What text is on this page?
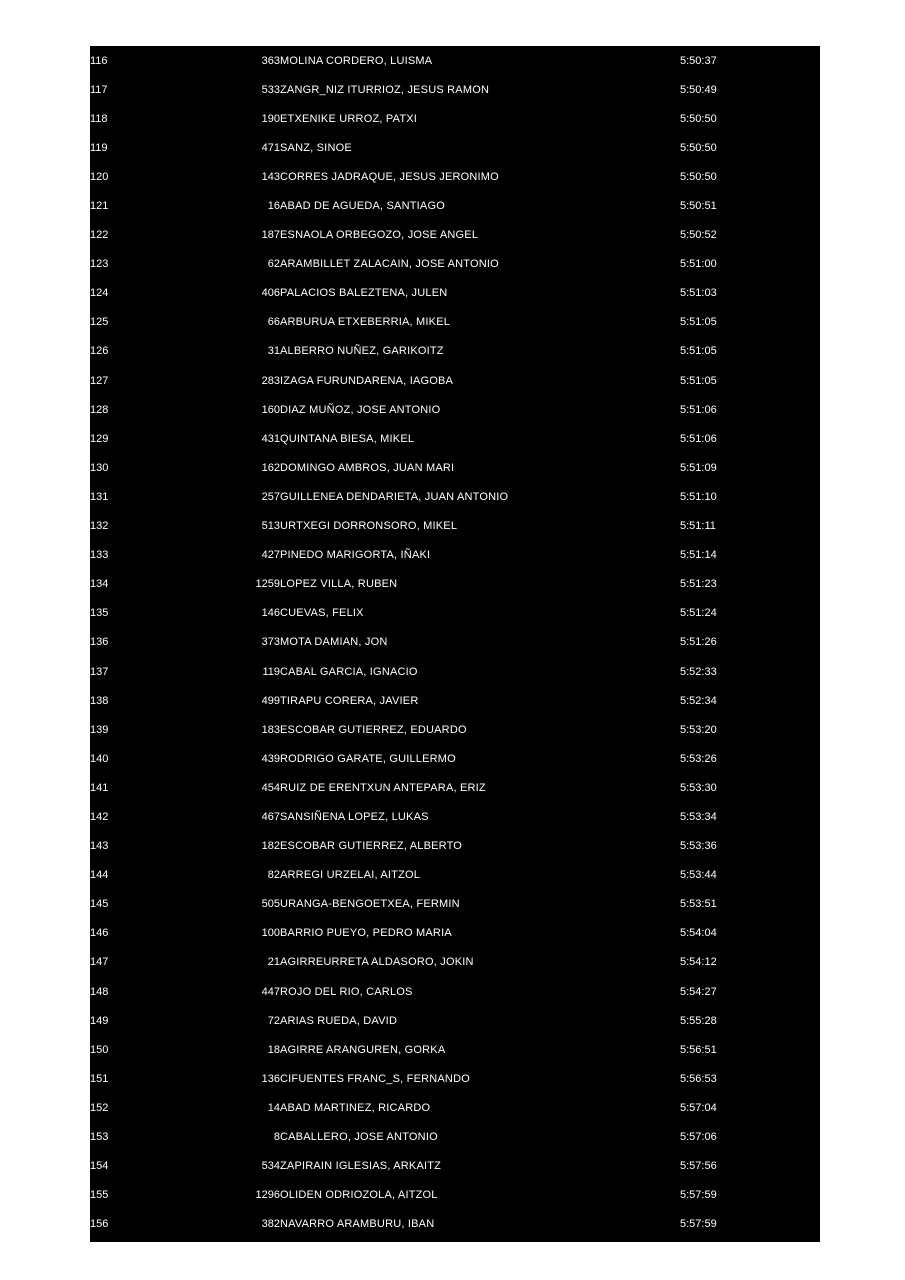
116	363	MOLINA CORDERO, LUISMA	5:50:37
117	533	ZANGR_NIZ ITURRIOZ, JESUS RAMON	5:50:49
118	190	ETXENIKE URROZ, PATXI	5:50:50
119	471	SANZ, SINOE	5:50:50
120	143	CORRES JADRAQUE, JESUS JERONIMO	5:50:50
121	16	ABAD DE AGUEDA, SANTIAGO	5:50:51
122	187	ESNAOLA ORBEGOZO, JOSE ANGEL	5:50:52
123	62	ARAMBILLET ZALACAIN, JOSE ANTONIO	5:51:00
124	406	PALACIOS BALEZTENA, JULEN	5:51:03
125	66	ARBURUA ETXEBERRIA, MIKEL	5:51:05
126	31	ALBERRO NUÑEZ, GARIKOITZ	5:51:05
127	283	IZAGA FURUNDARENA, IAGOBA	5:51:05
128	160	DIAZ MUÑOZ, JOSE ANTONIO	5:51:06
129	431	QUINTANA BIESA, MIKEL	5:51:06
130	162	DOMINGO AMBROS, JUAN MARI	5:51:09
131	257	GUILLENEA DENDARIETA, JUAN ANTONIO	5:51:10
132	513	URTXEGI DORRONSORO, MIKEL	5:51:11
133	427	PINEDO MARIGORTA, IÑAKI	5:51:14
134	1259	LOPEZ VILLA, RUBEN	5:51:23
135	146	CUEVAS, FELIX	5:51:24
136	373	MOTA DAMIAN, JON	5:51:26
137	119	CABAL GARCIA, IGNACIO	5:52:33
138	499	TIRAPU CORERA, JAVIER	5:52:34
139	183	ESCOBAR GUTIERREZ, EDUARDO	5:53:20
140	439	RODRIGO GARATE, GUILLERMO	5:53:26
141	454	RUIZ DE ERENTXUN ANTEPARA, ERIZ	5:53:30
142	467	SANSIÑENA LOPEZ, LUKAS	5:53:34
143	182	ESCOBAR GUTIERREZ, ALBERTO	5:53:36
144	82	ARREGI URZELAI, AITZOL	5:53:44
145	505	URANGA-BENGOETXEA, FERMIN	5:53:51
146	100	BARRIO PUEYO, PEDRO MARIA	5:54:04
147	21	AGIRREURRETA ALDASORO, JOKIN	5:54:12
148	447	ROJO DEL RIO, CARLOS	5:54:27
149	72	ARIAS RUEDA, DAVID	5:55:28
150	18	AGIRRE ARANGUREN, GORKA	5:56:51
151	136	CIFUENTES FRANC_S, FERNANDO	5:56:53
152	14	ABAD MARTINEZ, RICARDO	5:57:04
153	8	CABALLERO, JOSE ANTONIO	5:57:06
154	534	ZAPIRAIN IGLESIAS, ARKAITZ	5:57:56
155	1296	OLIDEN ODRIOZOLA, AITZOL	5:57:59
156	382	NAVARRO ARAMBURU, IBAN	5:57:59
